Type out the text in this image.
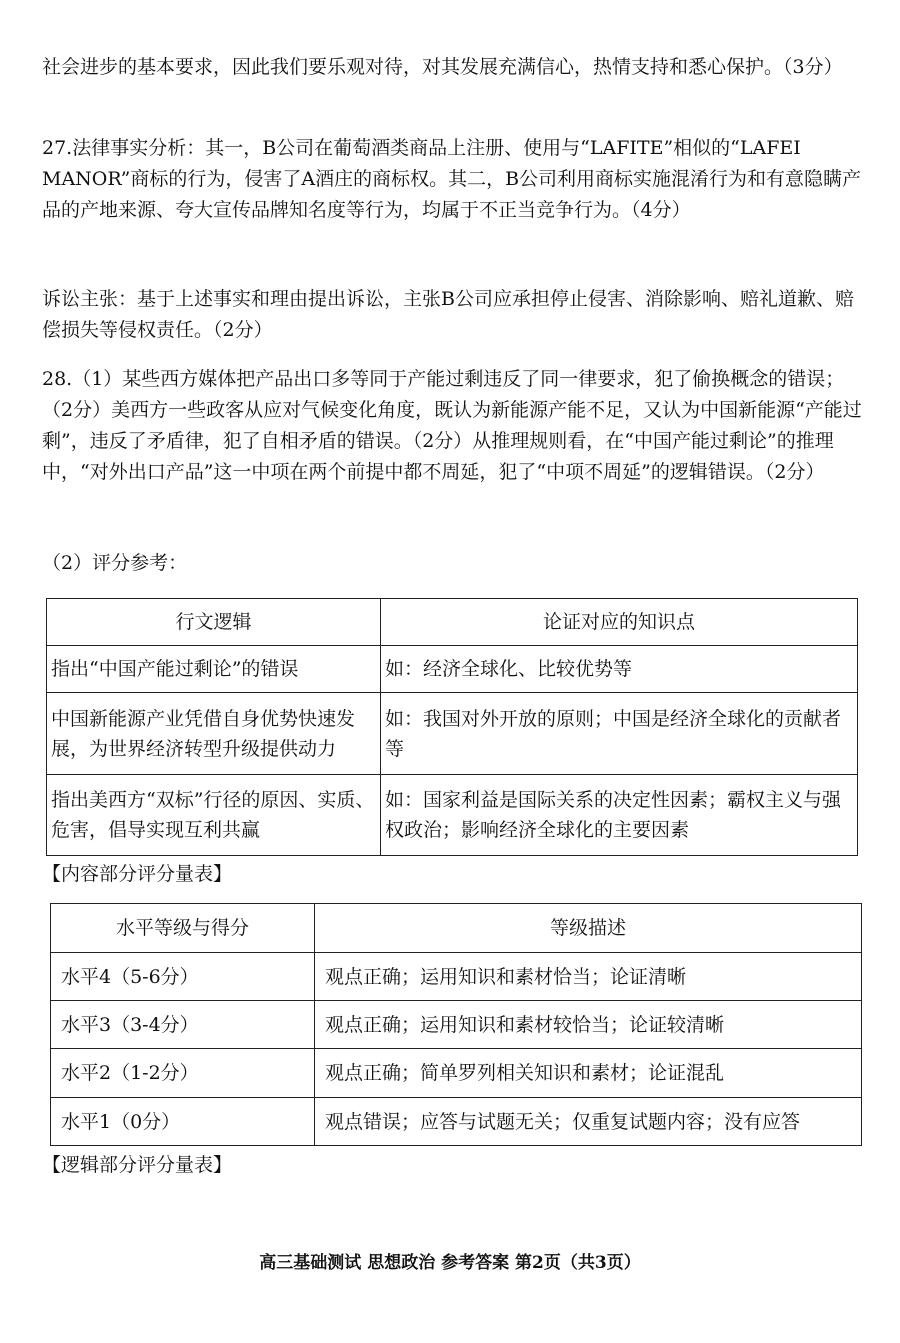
社会进步的基本要求，因此我们要乐观对待，对其发展充满信心，热情支持和悉心保护。（3分）

27.法律事实分析：其一，B公司在葡萄酒类商品上注册、使用与“LAFITE”相似的“LAFEI MANOR”商标的行为，侵害了A酒庄的商标权。其二，B公司利用商标实施混淆行为和有意隐瞒产品的产地来源、夸大宣传品牌知名度等行为，均属于不正当竞争行为。（4分）

诉讼主张：基于上述事实和理由提出诉讼，主张B公司应承担停止侵害、消除影响、赔礼道歉、赔偿损失等侵权责任。（2分）

28.（1）某些西方媒体把产品出口多等同于产能过剩违反了同一律要求，犯了偷换概念的错误；（2分）美西方一些政客从应对气候变化角度，既认为新能源产能不足，又认为中国新能源“产能过剩”，违反了矛盾律，犯了自相矛盾的错误。（2分）从推理规则看，在“中国产能过剩论”的推理中，“对外出口产品”这一中项在两个前提中都不周延，犯了“中项不周延”的逻辑错误。（2分）

（2）评分参考：
行文逻辑	论证对应的知识点
指出“中国产能过剩论”的错误	如：经济全球化、比较优势等
中国新能源产业凭借自身优势快速发展，为世界经济转型升级提供动力	如：我国对外开放的原则；中国是经济全球化的贡献者等
指出美西方“双标”行径的原因、实质、危害，倡导实现互利共赢	如：国家利益是国际关系的决定性因素；霸权主义与强权政治；影响经济全球化的主要因素
【内容部分评分量表】
水平等级与得分	等级描述
水平4（5-6分）	观点正确；运用知识和素材恰当；论证清晰
水平3（3-4分）	观点正确；运用知识和素材较恰当；论证较清晰
水平2（1-2分）	观点正确；简单罗列相关知识和素材；论证混乱
水平1（0分）	观点错误；应答与试题无关；仅重复试题内容；没有应答
【逻辑部分评分量表】
高三基础测试 思想政治 参考答案 第2页（共3页）
